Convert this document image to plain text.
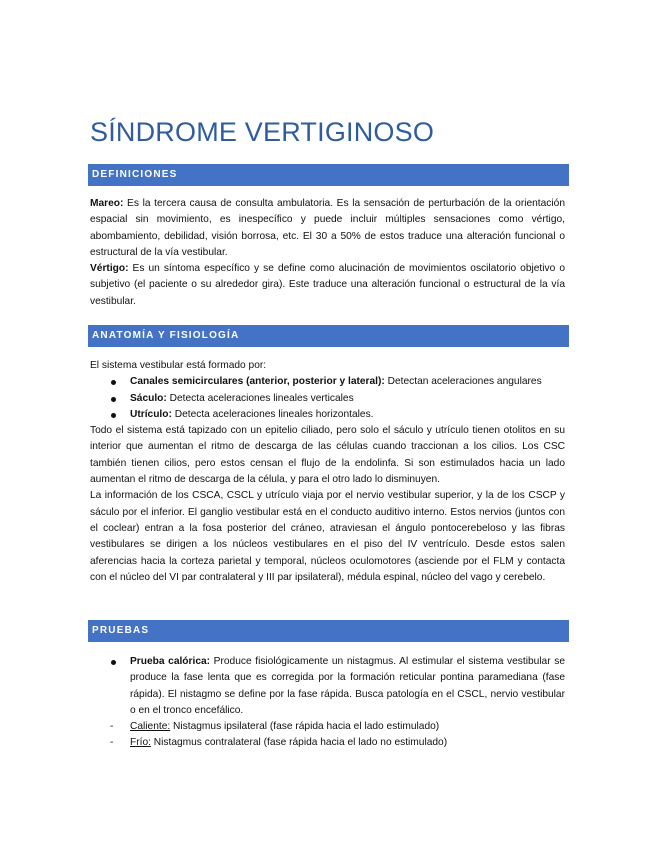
SÍNDROME VERTIGINOSO
DEFINICIONES

Mareo: Es la tercera causa de consulta ambulatoria. Es la sensación de perturbación de la orientación espacial sin movimiento, es inespecífico y puede incluir múltiples sensaciones como vértigo, abombamiento, debilidad, visión borrosa, etc. El 30 a 50% de estos traduce una alteración funcional o estructural de la vía vestibular.

Vértigo: Es un síntoma específico y se define como alucinación de movimientos oscilatorio objetivo o subjetivo (el paciente o su alrededor gira). Este traduce una alteración funcional o estructural de la vía vestibular.

ANATOMÍA Y FISIOLOGÍA

El sistema vestibular está formado por:

Canales semicirculares (anterior, posterior y lateral): Detectan aceleraciones angulares
Sáculo: Detecta aceleraciones lineales verticales
Utrículo: Detecta aceleraciones lineales horizontales.

Todo el sistema está tapizado con un epitelio ciliado, pero solo el sáculo y utrículo tienen otolitos en su interior que aumentan el ritmo de descarga de las células cuando traccionan a los cilios. Los CSC también tienen cilios, pero estos censan el flujo de la endolinfa. Si son estimulados hacia un lado aumentan el ritmo de descarga de la célula, y para el otro lado lo disminuyen.

La información de los CSCA, CSCL y utrículo viaja por el nervio vestibular superior, y la de los CSCP y sáculo por el inferior. El ganglio vestibular está en el conducto auditivo interno. Estos nervios (juntos con el coclear) entran a la fosa posterior del cráneo, atraviesan el ángulo pontocerebeloso y las fibras vestibulares se dirigen a los núcleos vestibulares en el piso del IV ventrículo. Desde estos salen aferencias hacia la corteza parietal y temporal, núcleos oculomotores (asciende por el FLM y contacta con el núcleo del VI par contralateral y III par ipsilateral), médula espinal, núcleo del vago y cerebelo.

PRUEBAS

Prueba calórica: Produce fisiológicamente un nistagmus. Al estimular el sistema vestibular se produce la fase lenta que es corregida por la formación reticular pontina paramediana (fase rápida). El nistagmo se define por la fase rápida. Busca patología en el CSCL, nervio vestibular o en el tronco encefálico.

- Caliente: Nistagmus ipsilateral (fase rápida hacia el lado estimulado)
- Frío: Nistagmus contralateral (fase rápida hacia el lado no estimulado)
